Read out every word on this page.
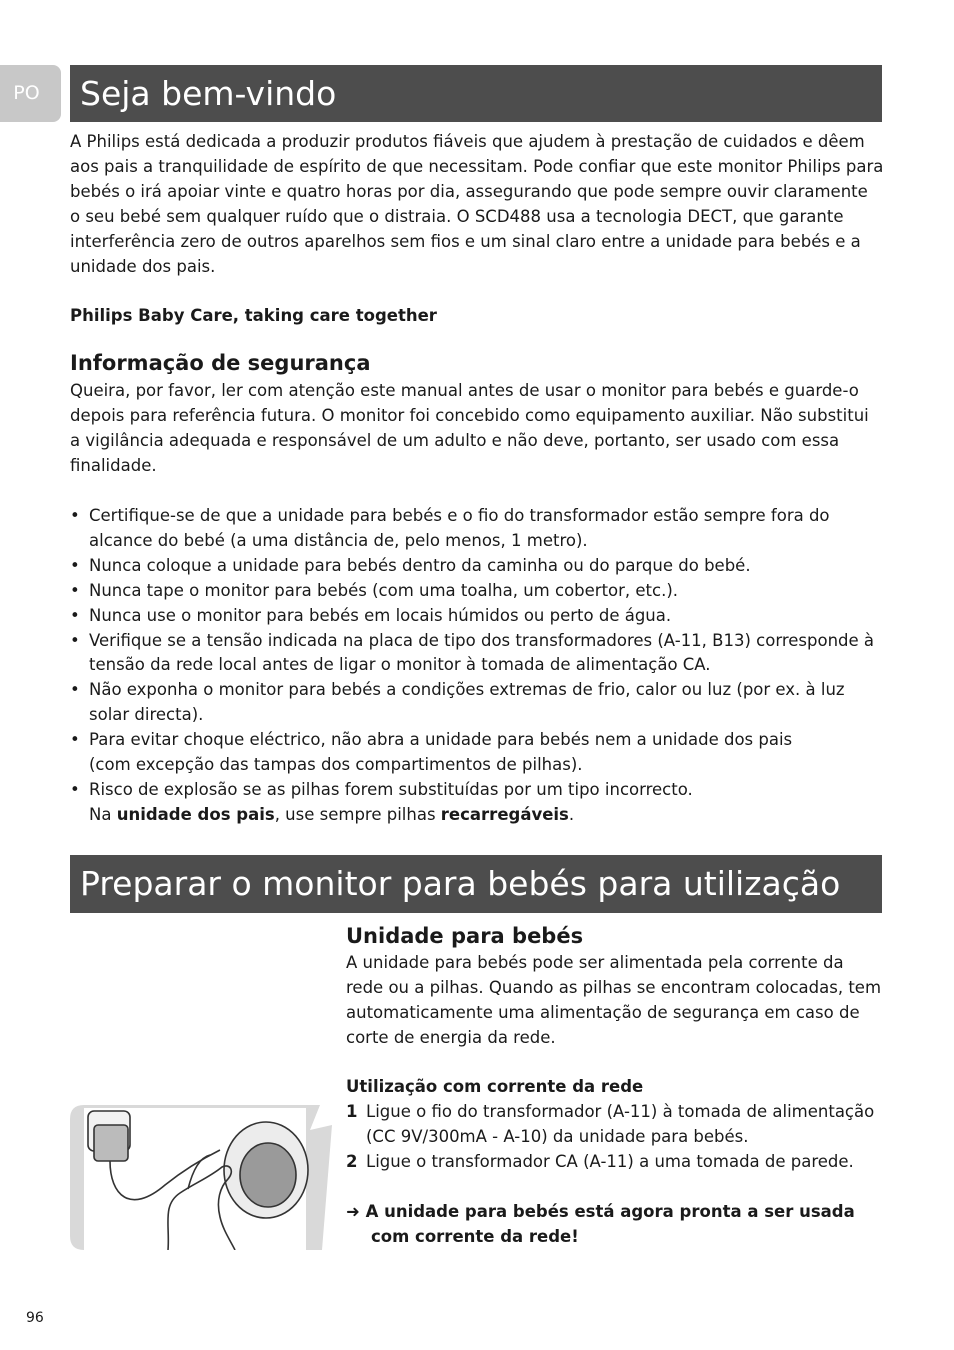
PO	Seja bem-vindo
A Philips está dedicada a produzir produtos fiáveis que ajudem à prestação de cuidados e dêem
aos pais a tranquilidade de espírito de que necessitam. Pode confiar que este monitor Philips para
bebés o irá apoiar vinte e quatro horas por dia, assegurando que pode sempre ouvir claramente
o seu bebé sem qualquer ruído que o distraia. O SCD488 usa a tecnologia DECT, que garante
interferência zero de outros aparelhos sem fios e um sinal claro entre a unidade para bebés e a
unidade dos pais.
Philips Baby Care, taking care together
Informação de segurança
Queira, por favor, ler com atenção este manual antes de usar o monitor para bebés e guarde-o
depois para referência futura. O monitor foi concebido como equipamento auxiliar. Não substitui
a vigilância adequada e responsável de um adulto e não deve, portanto, ser usado com essa
finalidade.
• Certifique-se de que a unidade para bebés e o fio do transformador estão sempre fora do
alcance do bebé (a uma distância de, pelo menos, 1 metro).
• Nunca coloque a unidade para bebés dentro da caminha ou do parque do bebé.
• Nunca tape o monitor para bebés (com uma toalha, um cobertor, etc.).
• Nunca use o monitor para bebés em locais húmidos ou perto de água.
• Verifique se a tensão indicada na placa de tipo dos transformadores (A-11, B13) corresponde à
tensão da rede local antes de ligar o monitor à tomada de alimentação CA.
• Não exponha o monitor para bebés a condições extremas de frio, calor ou luz (por ex. à luz
solar directa).
• Para evitar choque eléctrico, não abra a unidade para bebés nem a unidade dos pais
(com excepção das tampas dos compartimentos de pilhas).
• Risco de explosão se as pilhas forem substituídas por um tipo incorrecto.
Na unidade dos pais, use sempre pilhas recarregáveis.
Preparar o monitor para bebés para utilização
Unidade para bebés
A unidade para bebés pode ser alimentada pela corrente da
rede ou a pilhas. Quando as pilhas se encontram colocadas, tem
automaticamente uma alimentação de segurança em caso de
corte de energia da rede.
Utilização com corrente da rede
1 Ligue o fio do transformador (A-11) à tomada de alimentação
(CC 9V/300mA - A-10) da unidade para bebés.
2 Ligue o transformador CA (A-11) a uma tomada de parede.
➜ A unidade para bebés está agora pronta a ser usada
com corrente da rede!
96
